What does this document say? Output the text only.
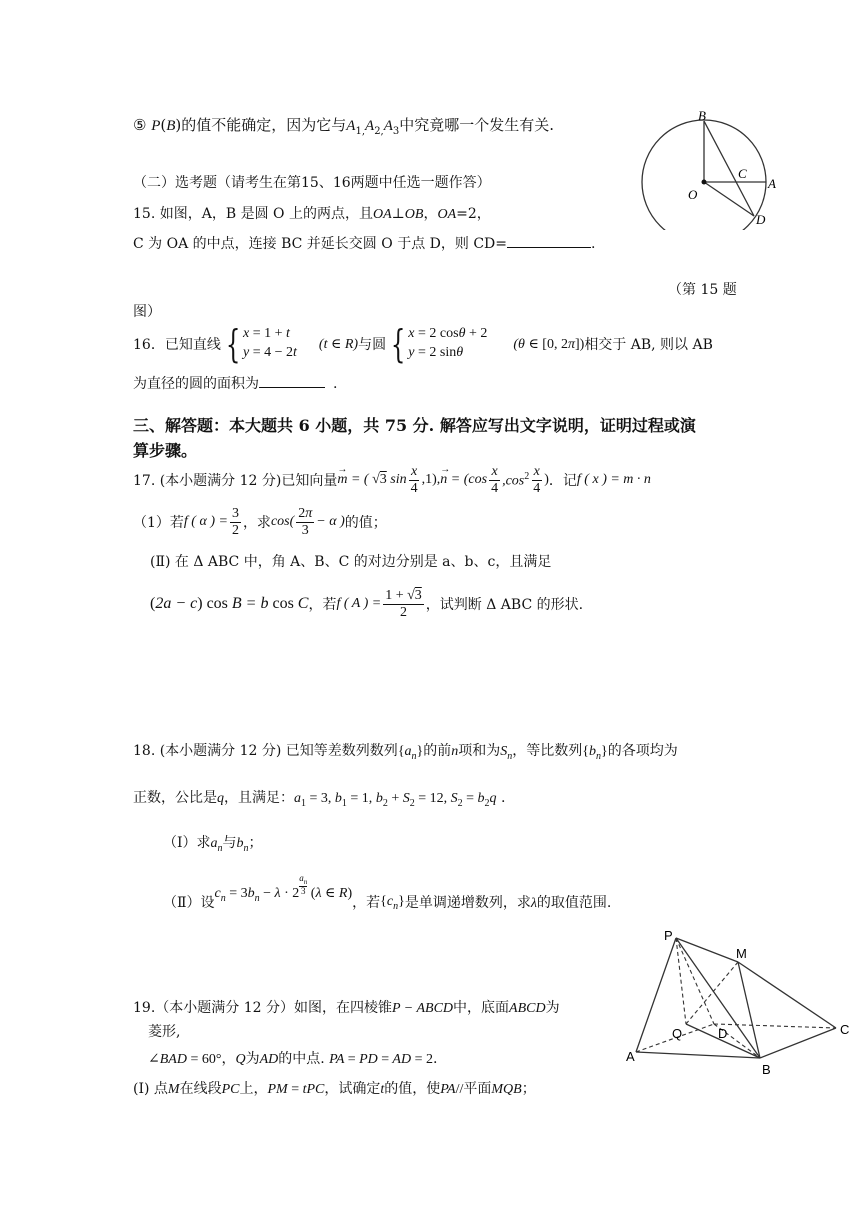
⑤ P(B)的值不能确定，因为它与$A_{1,}A_{2,}A_3$中究竟哪一个发生有关.
B
O
C
A
D
（二）选考题（请考生在第15、16两题中任选一题作答）
15. 如图，A，B 是圆 O 上的两点，且OA⊥OB，OA=2，
C 为 OA 的中点，连接 BC 并延长交圆 O 于点 D，则 CD=	.
（第 15 题
图）
16．已知直线 { x = 1 + t
y = 4 − 2t
(t ∈ R) 与圆 { x = 2 cosθ + 2
y = 2 sinθ
(θ ∈ [0, 2π]) 相交于 AB, 则以 AB
为直径的圆的面积为	.
三、解答题：本大题共 6 小题，共 75 分. 解答应写出文字说明，证明过程或演
算步骤。
17. (本小题满分 12 分)已知向量 m
→
= ( √3 $\sin \frac{x}{4} ,1$), n
→
= ($\cos \frac{x}{4} ,\cos^2 \frac{x}{4}$ ) ．记 f ( x ) = m · n
（1）若 f ( α ) = $\frac{3}{2}$ ，求 $\cos( \frac{2\pi}{3} - \alpha$ ) 的值；
(Ⅱ) 在 Δ ABC 中，角 A、B、C 的对边分别是 a、b、c，且满足
(2a − c) cos B = b cos C ，若 f ( A ) = $\frac{1 + √3}{2}$ ，试判断 Δ ABC 的形状.
18. (本小题满分 12 分) 已知等差数列数列$\{a_n\}$的前n项和为$S_n$，等比数列$\{b_n\}$的各项均为
正数，公比是q，且满足：$a_1 = 3$, $b_1 = 1$, $b_2 + S_2 = 12$, $S_2 = b_2q$ .
（Ⅰ）求$a_n$与$b_n$；
（Ⅱ）设
$c_n = 3b_n - \lambda \cdot 2 \frac{a_n}{3} (\lambda$ ∈ R)
，若 $\{c_n\}$ 是单调递增数列，求 λ 的取值范围.
P
M
Q	D
A
B
C
19.（本小题满分 12 分）如图，在四棱锥P − ABCD中，底面ABCD为
菱形,
∠BAD = 60°，Q为AD的中点. PA = PD = AD = 2.
(I) 点M在线段PC上，PM = tPC，试确定t的值，使PA//平面MQB；
